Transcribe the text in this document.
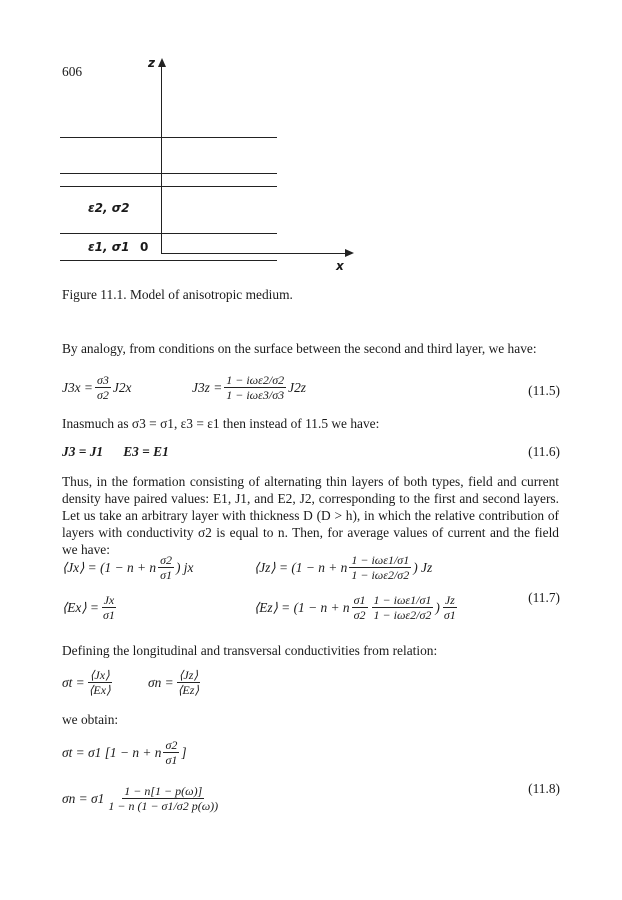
606
z
x
0
ε2, σ2
ε1, σ1
Figure 11.1. Model of anisotropic medium.
By analogy, from conditions on the surface between the second and third layer, we have:
$J3x = \frac{\sigma 3}{\sigma 2} J2x$	$J3z = \frac{\text{1 − iωε2/σ2}}{\text{1 − iωε3/σ3}} J2z$	(11.5)
Inasmuch as σ3 = σ1, ε3 = ε1 then instead of 11.5 we have:
J3 = J1      E3 = E1	(11.6)
Thus, in the formation consisting of alternating thin layers of both types, field and current density have paired values: E1, J1, and E2, J2, corresponding to the first and second layers. Let us take an arbitrary layer with thickness D (D > h), in which the relative contribution of layers with conductivity σ2 is equal to n. Then, for average values of current and the field we have:
⟨Jx⟩ = (1 − n + n $\frac{\sigma 2}{\sigma 1}$ ) jx	⟨Jz⟩ = (1 − n + n $\frac{\text{1 − iωε1/σ1}}{\text{1 − iωε2/σ2}}$ ) Jz
⟨Ex⟩ = $\frac{Jx}{\sigma 1}$	⟨Ez⟩ = (1 − n + n $\frac{\sigma 1}{\sigma 2} \frac{\text{1 − iωε1/σ1}}{\text{1 − iωε2/σ2}}$ ) $\frac{Jz}{\sigma 1}$	(11.7)
Defining the longitudinal and transversal conductivities from relation:
$\sigma t = \frac{⟨Jx⟩}{⟨Ex⟩}$	$\sigma n = \frac{⟨Jz⟩}{⟨Ez⟩}$
we obtain:
σt = σ1 [1 − n + n $\frac{\sigma 2}{\sigma 1}$ ]
$\sigma n = \sigma 1 \frac{1 - n[1 - p(\omega)]}{1 - n (1 - \sigma 1/\sigma 2 p(\omega))}$	(11.8)
